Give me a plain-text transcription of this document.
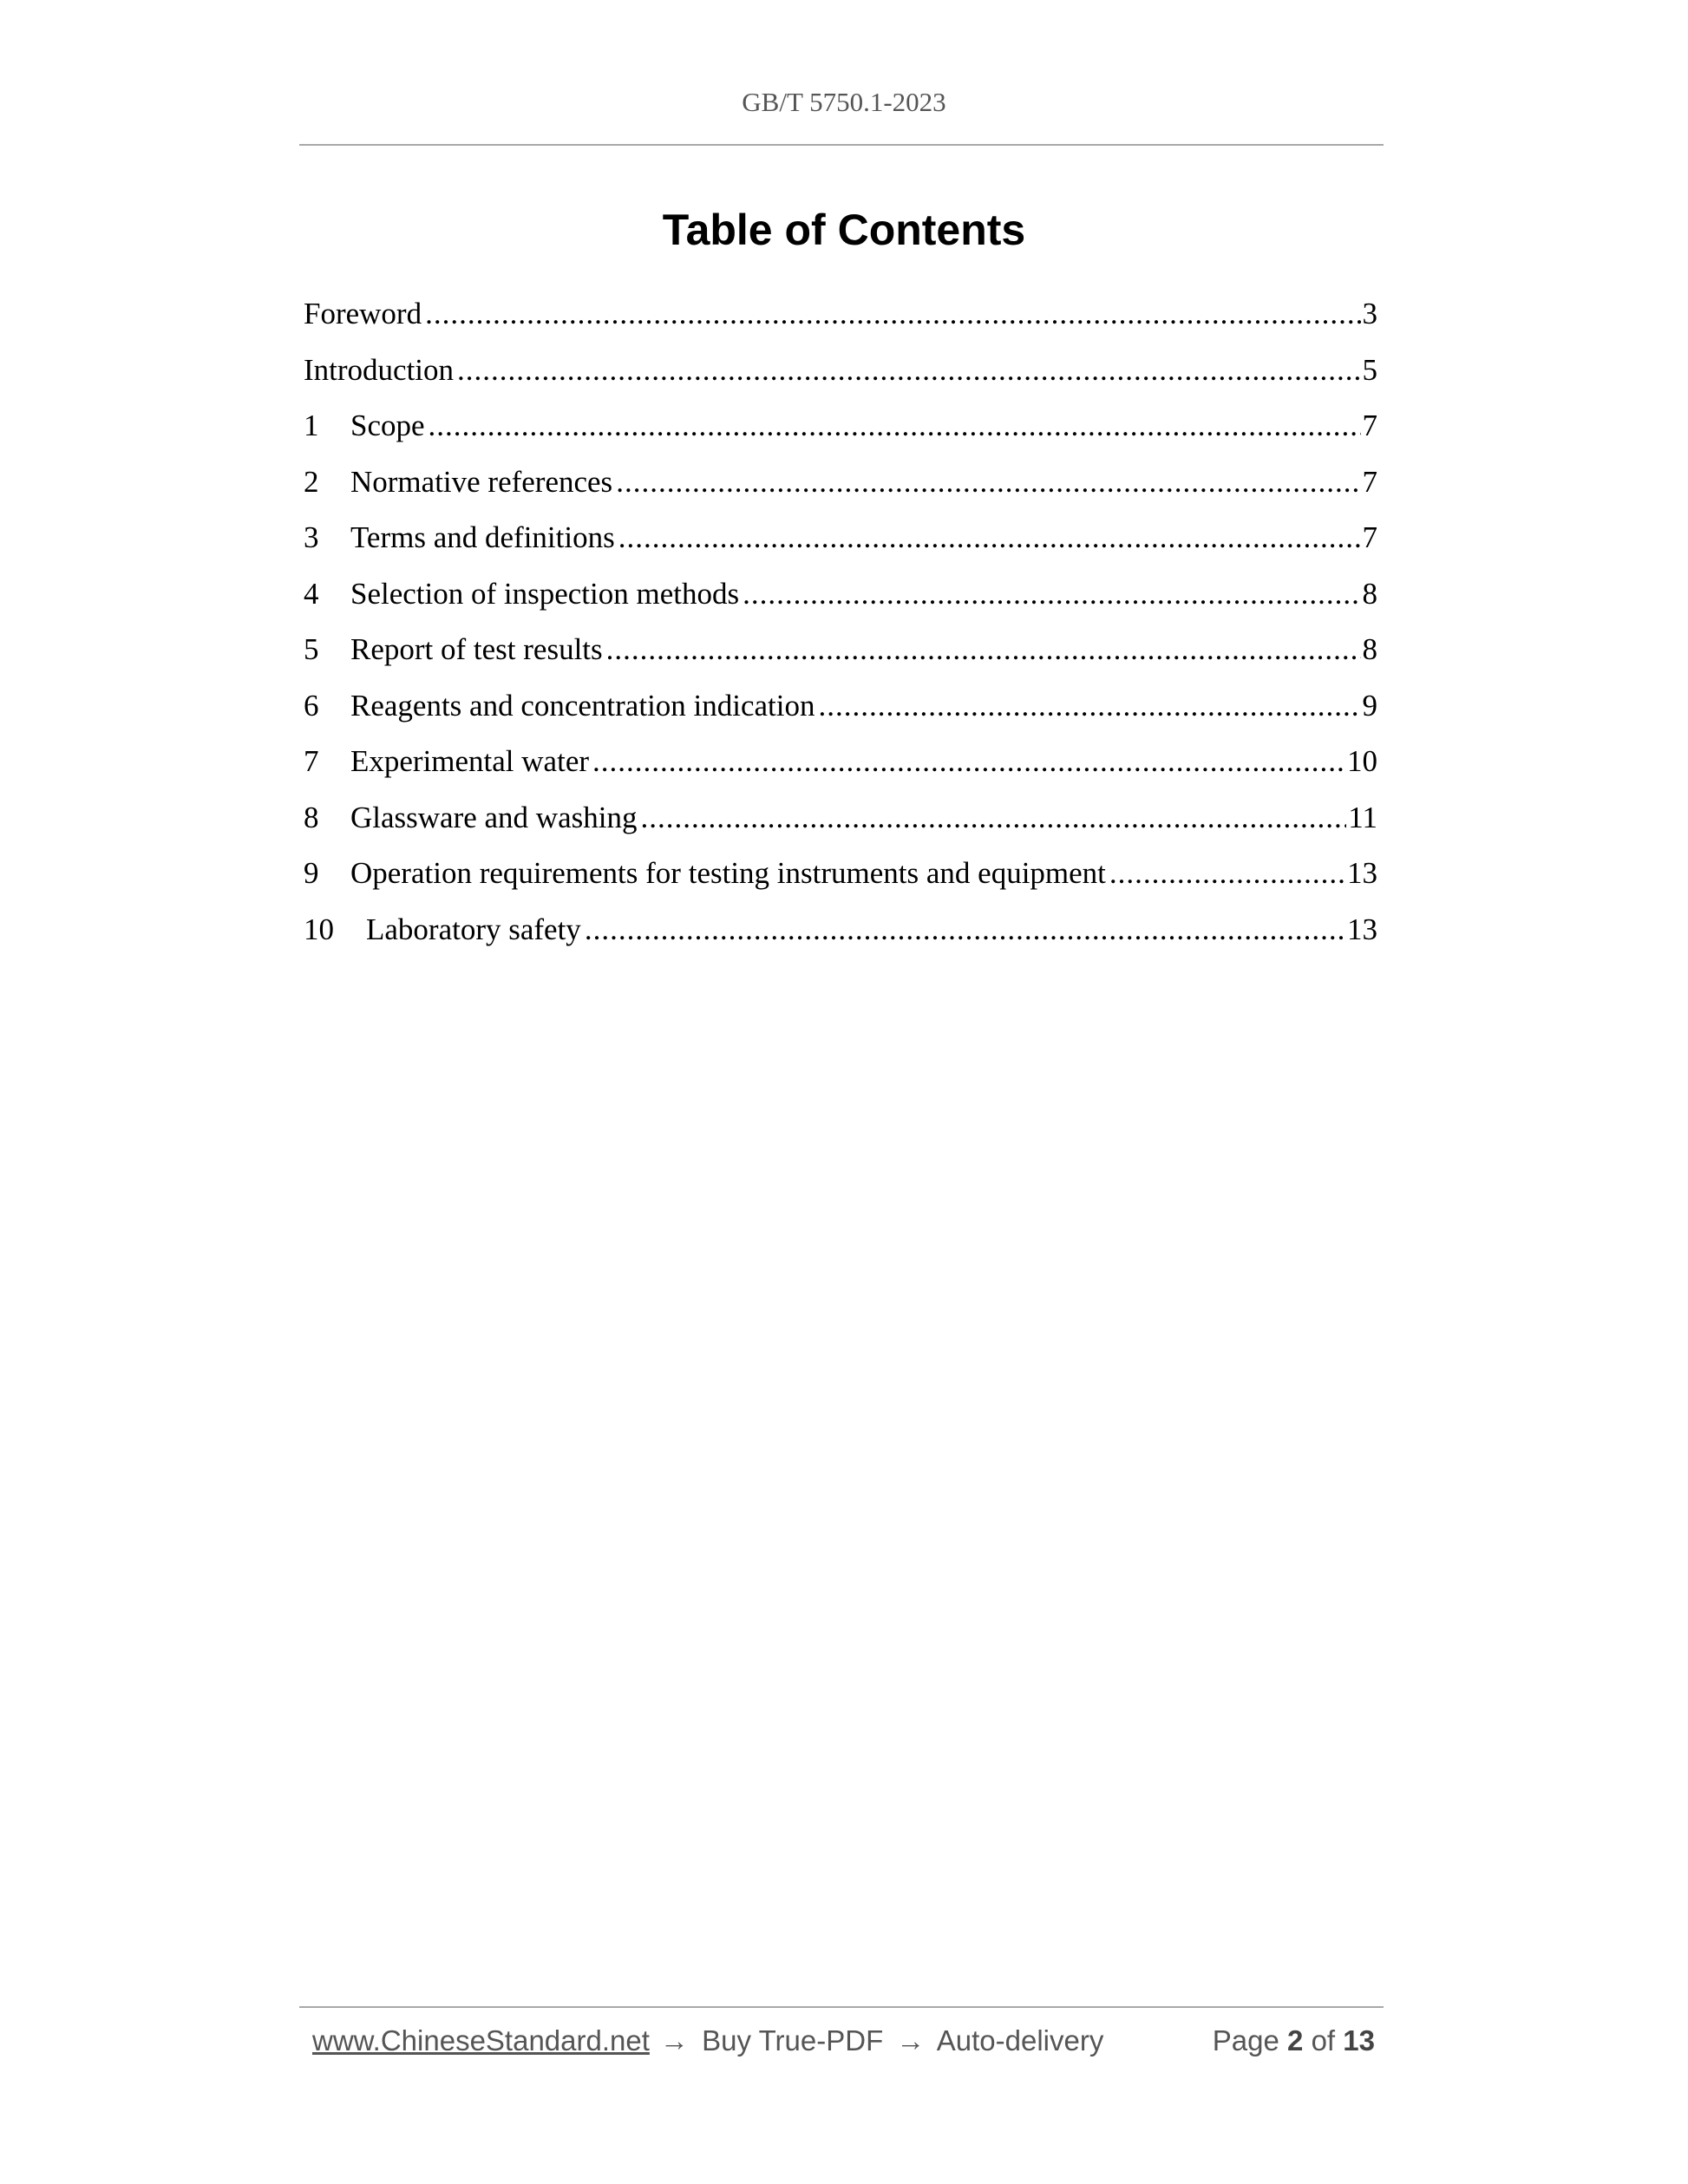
GB/T 5750.1-2023
Table of Contents
Foreword .....	3
Introduction .....	5
1	Scope .....	7
2	Normative references .....	7
3	Terms and definitions .....	7
4	Selection of inspection methods .....	8
5	Report of test results .....	8
6	Reagents and concentration indication .....	9
7	Experimental water .....	10
8	Glassware and washing .....	11
9	Operation requirements for testing instruments and equipment .....	13
10	Laboratory safety .....	13
www.ChineseStandard.net → Buy True-PDF → Auto-delivery	Page 2 of 13
